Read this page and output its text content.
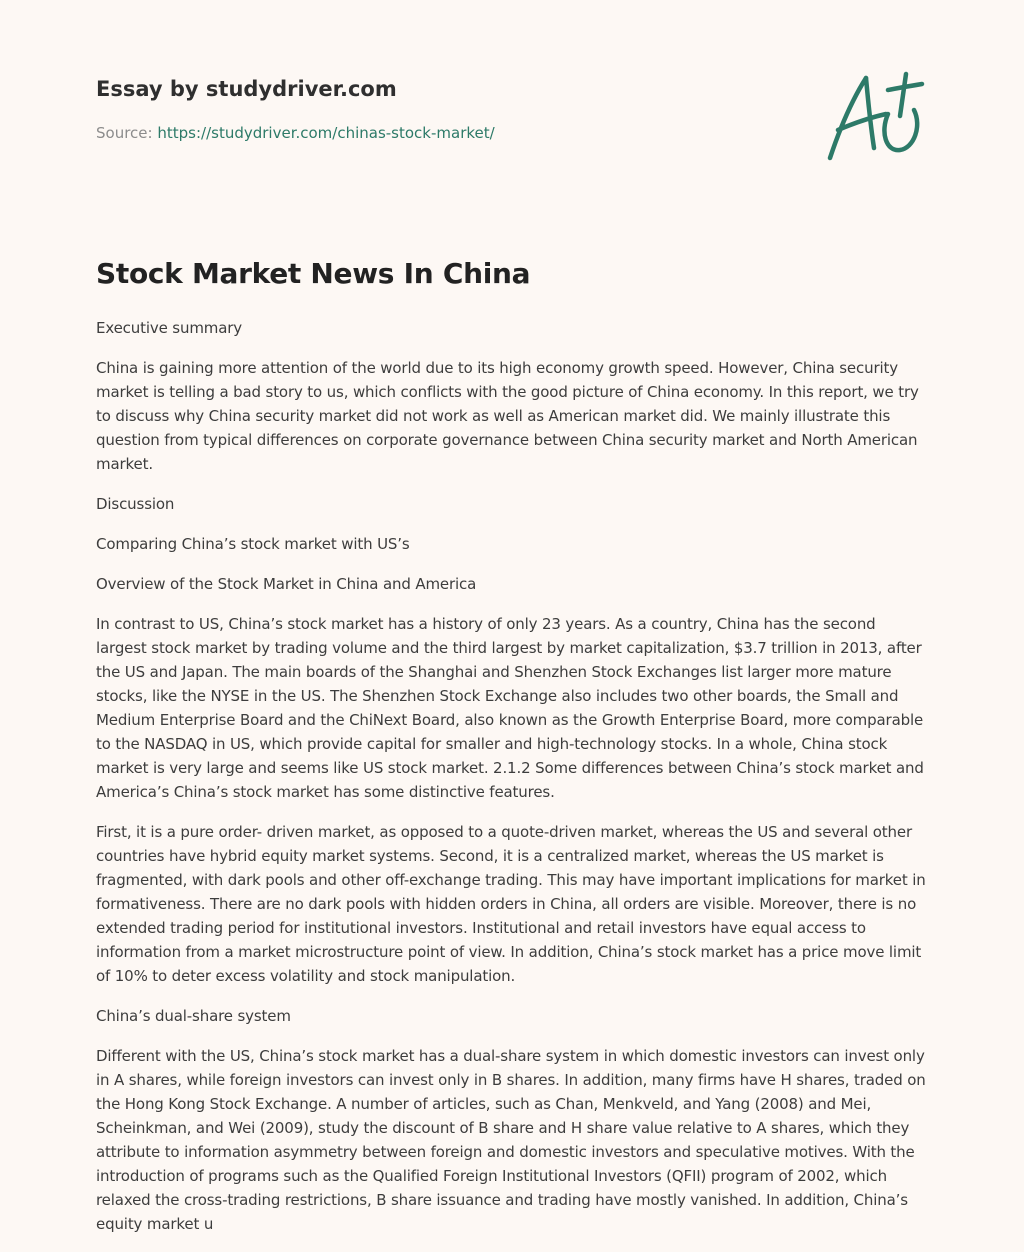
Essay by studydriver.com

Source: https://studydriver.com/chinas-stock-market/
Stock Market News In China

Executive summary

China is gaining more attention of the world due to its high economy growth speed. However, China security market is telling a bad story to us, which conflicts with the good picture of China economy. In this report, we try to discuss why China security market did not work as well as American market did. We mainly illustrate this question from typical differences on corporate governance between China security market and North American market.

Discussion

Comparing China’s stock market with US’s

Overview of the Stock Market in China and America

In contrast to US, China’s stock market has a history of only 23 years. As a country, China has the second largest stock market by trading volume and the third largest by market capitalization, $3.7 trillion in 2013, after the US and Japan. The main boards of the Shanghai and Shenzhen Stock Exchanges list larger more mature stocks, like the NYSE in the US. The Shenzhen Stock Exchange also includes two other boards, the Small and Medium Enterprise Board and the ChiNext Board, also known as the Growth Enterprise Board, more comparable to the NASDAQ in US, which provide capital for smaller and high-technology stocks. In a whole, China stock market is very large and seems like US stock market. 2.1.2 Some differences between China’s stock market and America’s China’s stock market has some distinctive features.

First, it is a pure order- driven market, as opposed to a quote-driven market, whereas the US and several other countries have hybrid equity market systems. Second, it is a centralized market, whereas the US market is fragmented, with dark pools and other off-exchange trading. This may have important implications for market in formativeness. There are no dark pools with hidden orders in China, all orders are visible. Moreover, there is no extended trading period for institutional investors. Institutional and retail investors have equal access to information from a market microstructure point of view. In addition, China’s stock market has a price move limit of 10% to deter excess volatility and stock manipulation.

China’s dual-share system

Different with the US, China’s stock market has a dual-share system in which domestic investors can invest only in A shares, while foreign investors can invest only in B shares. In addition, many firms have H shares, traded on the Hong Kong Stock Exchange. A number of articles, such as Chan, Menkveld, and Yang (2008) and Mei, Scheinkman, and Wei (2009), study the discount of B share and H share value relative to A shares, which they attribute to information asymmetry between foreign and domestic investors and speculative motives. With the introduction of programs such as the Qualified Foreign Institutional Investors (QFII) program of 2002, which relaxed the cross-trading restrictions, B share issuance and trading have mostly vanished. In addition, China’s equity market u
